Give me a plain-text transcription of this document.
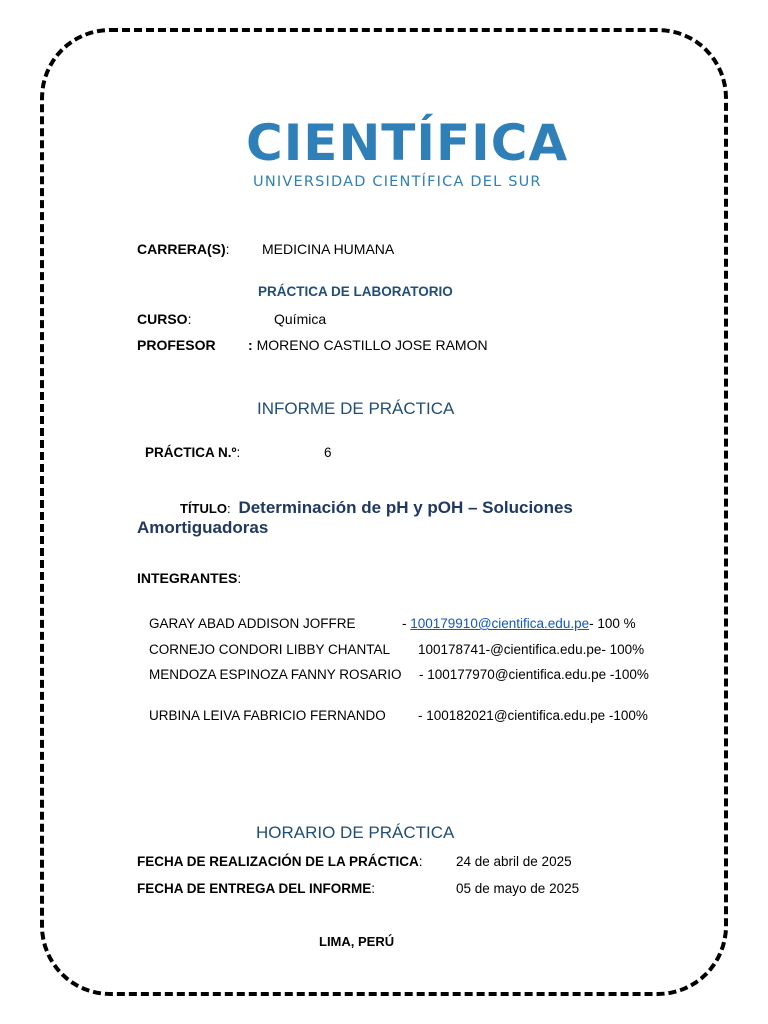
CIENTÍFICA
UNIVERSIDAD CIENTÍFICA DEL SUR
CARRERA(S): MEDICINA HUMANA
PRÁCTICA DE LABORATORIO
CURSO:	Química
PROFESOR : MORENO CASTILLO JOSE RAMON
INFORME DE PRÁCTICA
PRÁCTICA N.º:	6
TÍTULO: Determinación de pH y pOH – Soluciones
Amortiguadoras
INTEGRANTES:
GARAY ABAD ADDISON JOFFRE	- 100179910@cientifica.edu.pe- 100 %
CORNEJO CONDORI LIBBY CHANTAL 100178741-@cientifica.edu.pe- 100%
MENDOZA ESPINOZA FANNY ROSARIO - 100177970@cientifica.edu.pe -100%
URBINA LEIVA FABRICIO FERNANDO - 100182021@cientifica.edu.pe -100%
HORARIO DE PRÁCTICA
FECHA DE REALIZACIÓN DE LA PRÁCTICA: 24 de abril de 2025
FECHA DE ENTREGA DEL INFORME:	05 de mayo de 2025
LIMA, PERÚ
